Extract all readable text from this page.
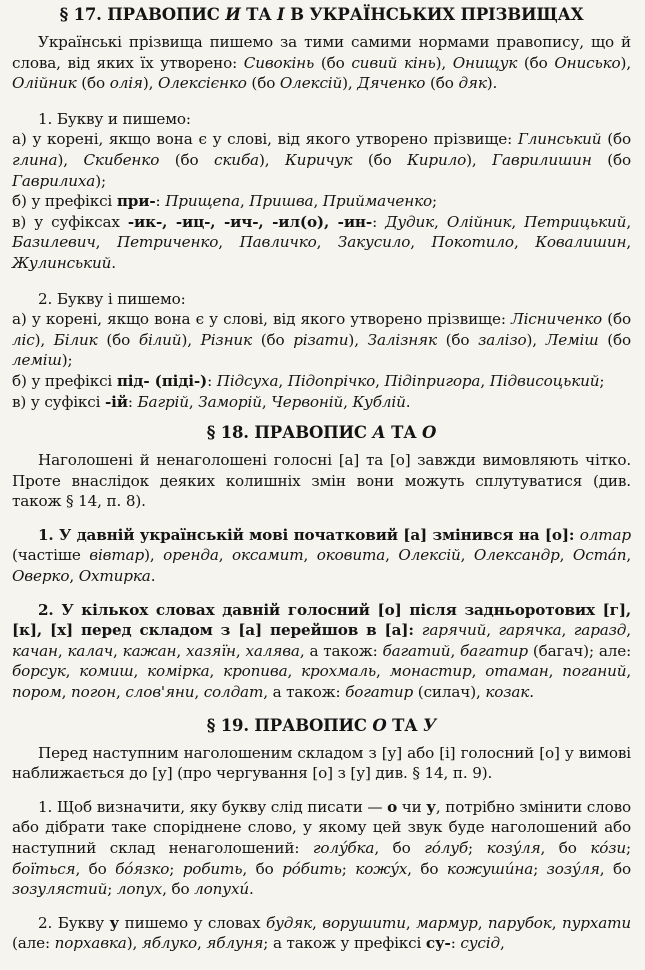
§ 17. ПРАВОПИС И ТА І В УКРАЇНСЬКИХ ПРІЗВИЩАХ

Українські прізвища пишемо за тими самими нормами правопису, що й слова, від яких їх утворено: Сивокінь (бо сивий кінь), Онищук (бо Онисько), Олійник (бо олія), Олексієнко (бо Олексій), Дяченко (бо дяк).

1. Букву и пишемо:

а) у корені, якщо вона є у слові, від якого утворено прізвище: Глинський (бо глина), Скибенко (бо скиба), Киричук (бо Кирило), Гаврилишин (бо Гаврилиха);

б) у префіксі при-: Прищепа, Пришва, Приймаченко;

в) у суфіксах -ик-, -иц-, -ич-, -ил(о), -ин-: Дудик, Олійник, Петрицький, Базилевич, Петриченко, Павличко, Закусило, Покотило, Ковалишин, Жулинський.

2. Букву і пишемо:

а) у корені, якщо вона є у слові, від якого утворено прізвище: Лісниченко (бо ліс), Білик (бо білий), Різник (бо різати), Залізняк (бо залізо), Леміш (бо леміш);

б) у префіксі під- (піді-): Підсуха, Підопрічко, Підіпригора, Підвисоцький;

в) у суфіксі -ій: Багрій, Заморій, Червоній, Кублій.

§ 18. ПРАВОПИС А ТА О

Наголошені й ненаголошені голосні [а] та [о] завжди вимовляють чітко. Проте внаслідок деяких колишніх змін вони можуть сплутуватися (див. також § 14, п. 8).

1. У давній українській мові початковий [а] змінився на [о]: олтар (частіше вівтар), оренда, оксамит, оковита, Олексій, Олександр, Остáп, Оверко, Охтирка.

2. У кількох словах давній голосний [о] після задньоротових [г], [к], [х] перед складом з [а] перейшов в [а]: гарячий, гарячка, гаразд, качан, калач, кажан, хазяїн, халява, а також: багатий, багатир (багач); але: борсук, комиш, комірка, кропива, крохмаль, монастир, отаман, поганий, пором, погон, слов'яни, солдат, а також: богатир (силач), козак.

§ 19. ПРАВОПИС О ТА У

Перед наступним наголошеним складом з [у] або [і] голосний [о] у вимові наближається до [у] (про чергування [о] з [у] див. § 14, п. 9).

1. Щоб визначити, яку букву слід писати — о чи у, потрібно змінити слово або дібрати таке споріднене слово, у якому цей звук буде наголошений або наступний склад ненаголошений: голýбка, бо гóлуб; козýля, бо кóзи; боїться, бо бóязко; робить, бо рóбить; кожýх, бо кожушúна; зозýля, бо зозулястий; лопух, бо лопухú.

2. Букву у пишемо у словах будяк, ворушити, мармур, парубок, пурхати (але: порхавка), яблуко, яблуня; а також у префіксі су-: сусід,
